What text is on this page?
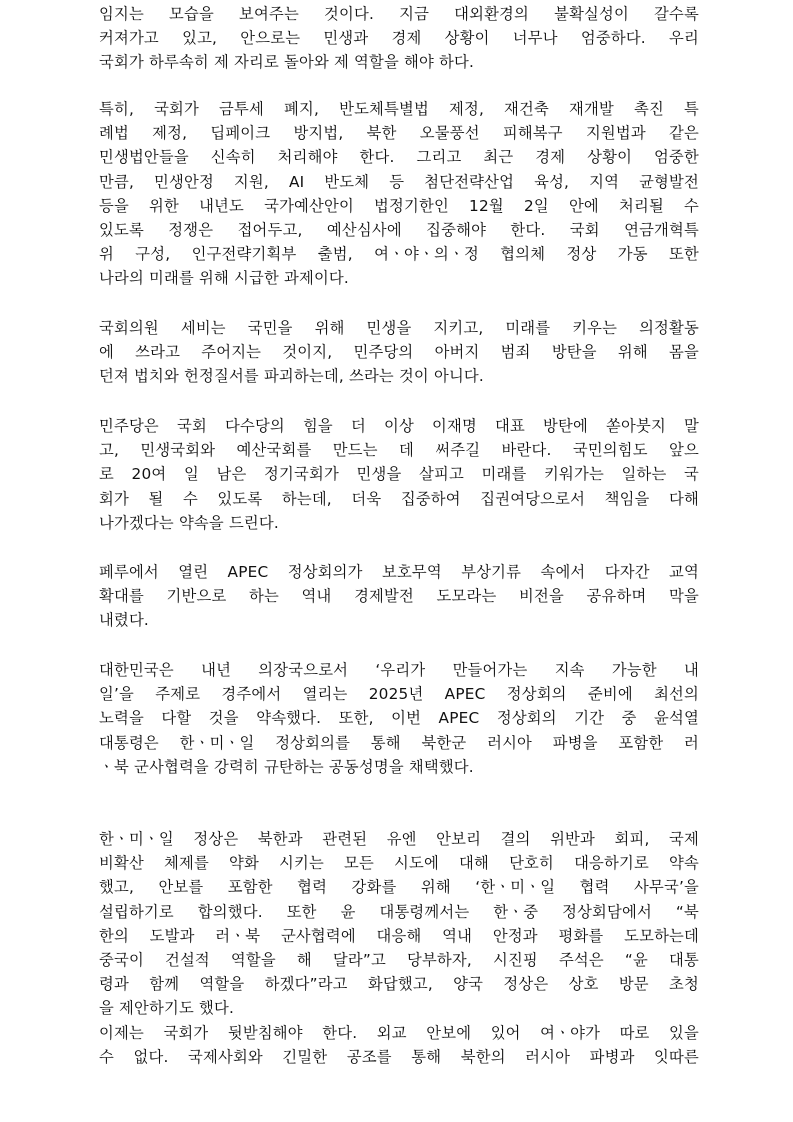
임지는 모습을 보여주는 것이다. 지금 대외환경의 불확실성이 갈수록
커져가고 있고, 안으로는 민생과 경제 상황이 너무나 엄중하다. 우리
국회가 하루속히 제 자리로 돌아와 제 역할을 해야 하다.
특히, 국회가 금투세 폐지, 반도체특별법 제정, 재건축 재개발 촉진 특
례법 제정, 딥페이크 방지법, 북한 오물풍선 피해복구 지원법과 같은
민생법안들을 신속히 처리해야 한다. 그리고 최근 경제 상황이 엄중한
만큼, 민생안정 지원, AI 반도체 등 첨단전략산업 육성, 지역 균형발전
등을 위한 내년도 국가예산안이 법정기한인 12월 2일 안에 처리될 수
있도록 정쟁은 접어두고, 예산심사에 집중해야 한다. 국회 연금개혁특
위 구성, 인구전략기획부 출범, 여ㆍ야ㆍ의ㆍ정 협의체 정상 가동 또한
나라의 미래를 위해 시급한 과제이다.
국회의원 세비는 국민을 위해 민생을 지키고, 미래를 키우는 의정활동
에 쓰라고 주어지는 것이지, 민주당의 아버지 범죄 방탄을 위해 몸을
던져 법치와 헌정질서를 파괴하는데, 쓰라는 것이 아니다.
민주당은 국회 다수당의 힘을 더 이상 이재명 대표 방탄에 쏟아붓지 말
고, 민생국회와 예산국회를 만드는 데 써주길 바란다. 국민의힘도 앞으
로 20여 일 남은 정기국회가 민생을 살피고 미래를 키워가는 일하는 국
회가 될 수 있도록 하는데, 더욱 집중하여 집권여당으로서 책임을 다해
나가겠다는 약속을 드린다.
페루에서 열린 APEC 정상회의가 보호무역 부상기류 속에서 다자간 교역
확대를 기반으로 하는 역내 경제발전 도모라는 비전을 공유하며 막을
내렸다.
대한민국은 내년 의장국으로서 ‘우리가 만들어가는 지속 가능한 내
일’을 주제로 경주에서 열리는 2025년 APEC 정상회의 준비에 최선의
노력을 다할 것을 약속했다. 또한, 이번 APEC 정상회의 기간 중 윤석열
대통령은 한ㆍ미ㆍ일 정상회의를 통해 북한군 러시아 파병을 포함한 러
ㆍ북 군사협력을 강력히 규탄하는 공동성명을 채택했다.
한ㆍ미ㆍ일 정상은 북한과 관련된 유엔 안보리 결의 위반과 회피, 국제
비확산 체제를 약화 시키는 모든 시도에 대해 단호히 대응하기로 약속
했고, 안보를 포함한 협력 강화를 위해 ‘한ㆍ미ㆍ일 협력 사무국’을
설립하기로 합의했다. 또한 윤 대통령께서는 한ㆍ중 정상회담에서 “북
한의 도발과 러ㆍ북 군사협력에 대응해 역내 안정과 평화를 도모하는데
중국이 건설적 역할을 해 달라”고 당부하자, 시진핑 주석은 “윤 대통
령과 함께 역할을 하겠다”라고 화답했고, 양국 정상은 상호 방문 초청
을 제안하기도 했다.
이제는 국회가 뒷받침해야 한다. 외교 안보에 있어 여ㆍ야가 따로 있을
수 없다. 국제사회와 긴밀한 공조를 통해 북한의 러시아 파병과 잇따른
